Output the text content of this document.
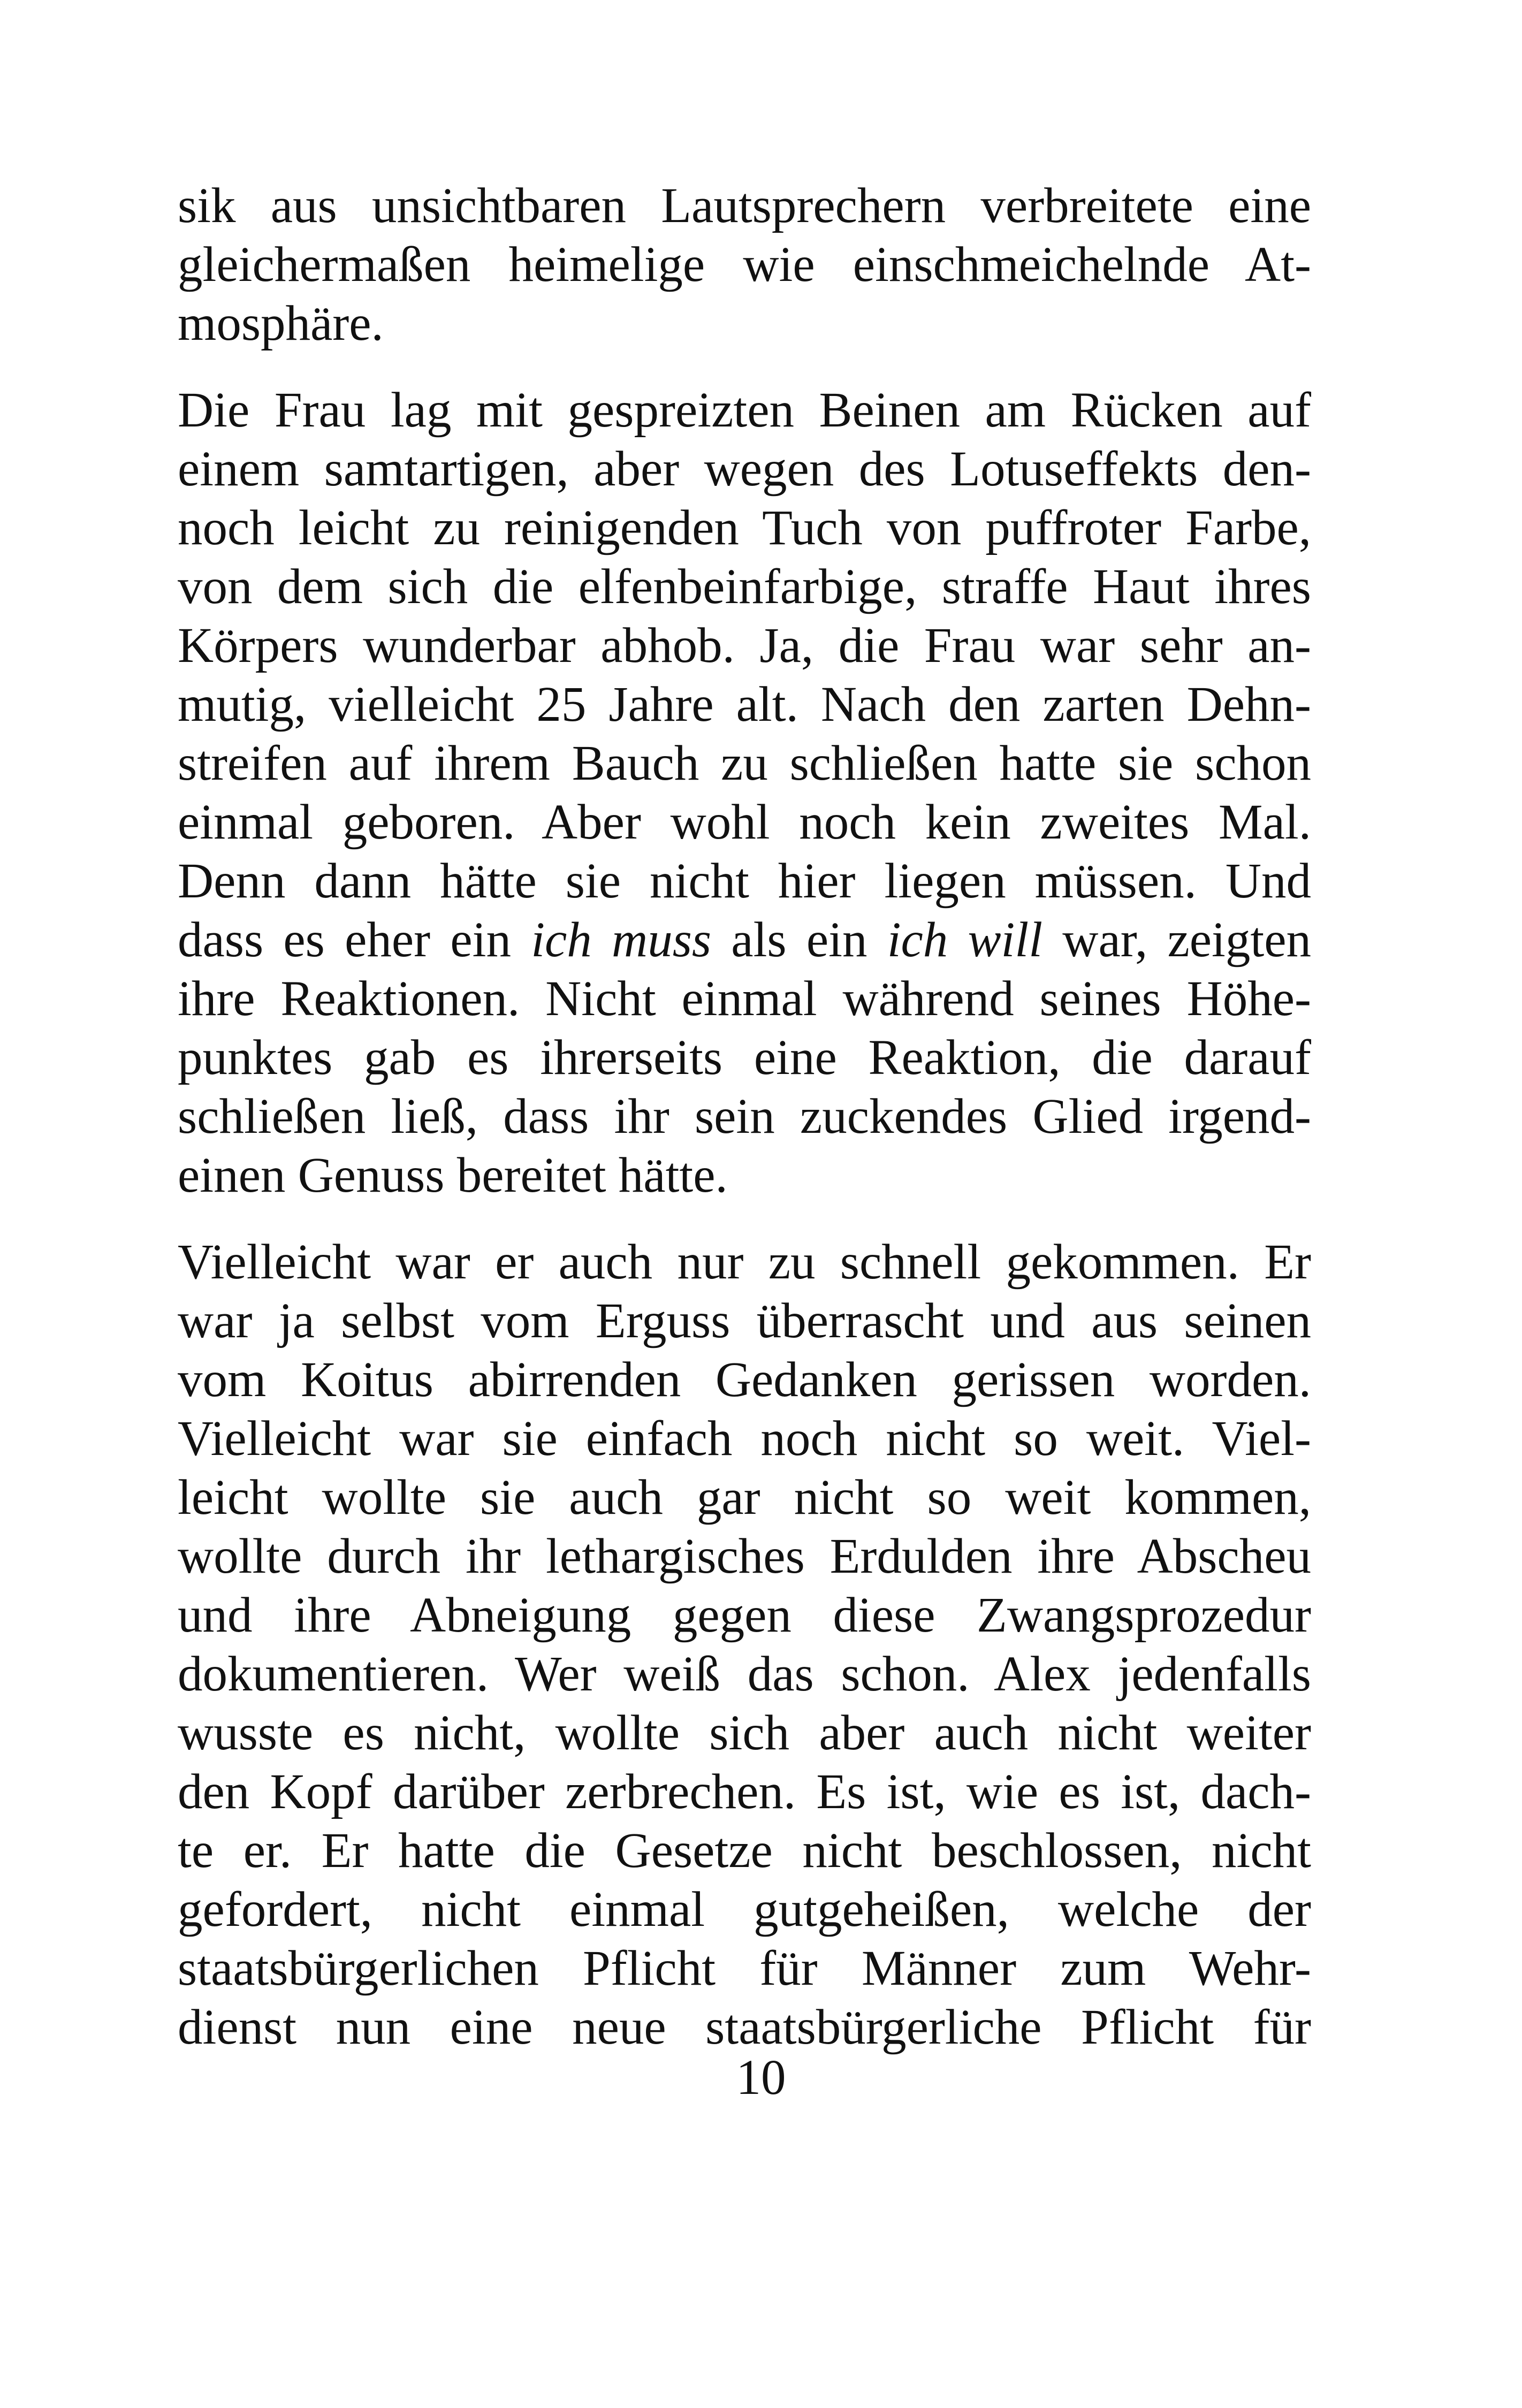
sik aus unsichtbaren Lautsprechern verbreitete eine
gleichermaßen heimelige wie einschmeichelnde At-
mosphäre.
Die Frau lag mit gespreizten Beinen am Rücken auf
einem samtartigen, aber wegen des Lotuseffekts den-
noch leicht zu reinigenden Tuch von puffroter Farbe,
von dem sich die elfenbeinfarbige, straffe Haut ihres
Körpers wunderbar abhob. Ja, die Frau war sehr an-
mutig, vielleicht 25 Jahre alt. Nach den zarten Dehn-
streifen auf ihrem Bauch zu schließen hatte sie schon
einmal geboren. Aber wohl noch kein zweites Mal.
Denn dann hätte sie nicht hier liegen müssen. Und
dass es eher ein ich muss als ein ich will war, zeigten
ihre Reaktionen. Nicht einmal während seines Höhe-
punktes gab es ihrerseits eine Reaktion, die darauf
schließen ließ, dass ihr sein zuckendes Glied irgend-
einen Genuss bereitet hätte.
Vielleicht war er auch nur zu schnell gekommen. Er
war ja selbst vom Erguss überrascht und aus seinen
vom Koitus abirrenden Gedanken gerissen worden.
Vielleicht war sie einfach noch nicht so weit. Viel-
leicht wollte sie auch gar nicht so weit kommen,
wollte durch ihr lethargisches Erdulden ihre Abscheu
und ihre Abneigung gegen diese Zwangsprozedur
dokumentieren. Wer weiß das schon. Alex jedenfalls
wusste es nicht, wollte sich aber auch nicht weiter
den Kopf darüber zerbrechen. Es ist, wie es ist, dach-
te er. Er hatte die Gesetze nicht beschlossen, nicht
gefordert, nicht einmal gutgeheißen, welche der
staatsbürgerlichen Pflicht für Männer zum Wehr-
dienst nun eine neue staatsbürgerliche Pflicht für
10
